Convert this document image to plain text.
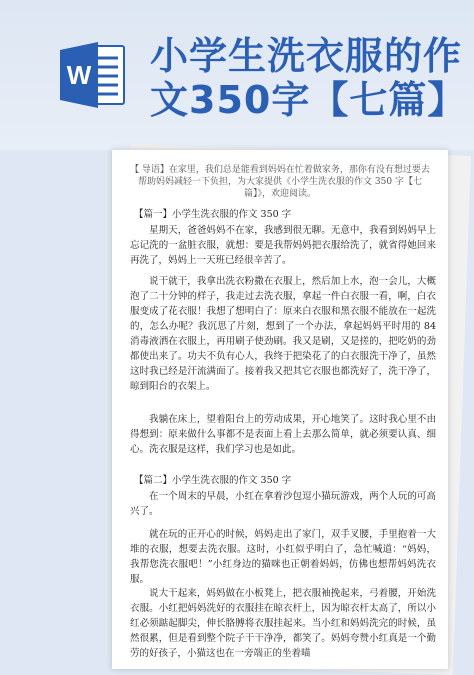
W 小学生洗衣服的作
文350字【七篇】
【 导语】在家里，我们总是能看到妈妈在忙着做家务，那你有没有想过要去帮助妈妈减轻一下负担，为大家提供《小学生洗衣服的作文 350 字【七篇】》，欢迎阅读。
【篇一】小学生洗衣服的作文 350 字
星期天，爸爸妈妈不在家，我感到很无聊。无意中，我看到妈妈早上忘记洗的一盆脏衣服，就想：要是我帮妈妈把衣服给洗了，就省得她回来再洗了，妈妈上一天班已经很辛苦了。
说干就干，我拿出洗衣粉撒在衣服上，然后加上水，泡一会儿，大概泡了二十分钟的样子，我走过去洗衣服，拿起一件白衣服一看，啊，白衣服变成了花衣服！我想了想明白了：原来白衣服和黑衣服不能放在一起洗的，怎么办呢？我沉思了片刻，想到了一个办法，拿起妈妈平时用的 84 消毒液洒在衣服上，再用刷子使劲刷。我又是刷，又是搓的，把吃奶的劲都使出来了。功夫不负有心人，我终于把染花了的白衣服洗干净了，虽然这时我已经是汗流满面了。接着我又把其它衣服也都洗好了，洗干净了，晾到阳台的衣架上。
我躺在床上，望着阳台上的劳动成果，开心地笑了。这时我心里不由得想到：原来做什么事都不是表面上看上去那么简单，就必须要认真、细心。洗衣服是这样，我们学习也是如此。
【篇二】小学生洗衣服的作文 350 字
在一个周末的早晨，小红在拿着沙包逗小猫玩游戏，两个人玩的可高兴了。
就在玩的正开心的时候，妈妈走出了家门，双手叉腰，手里抱着一大堆的衣服，想要去洗衣服。这时，小红似乎明白了，急忙喊道：“妈妈，我帮您洗衣服吧！”小红身边的猫咪也正朝着妈妈，仿佛也想帮妈妈洗衣服。
说大干起来，妈妈做在小板凳上，把衣服袖挽起来，弓着腰，开始洗衣服。小红把妈妈洗好的衣服挂在晾衣杆上，因为晾衣杆太高了，所以小红必须踮起脚尖，伸长胳膊将衣服挂起来。当小红和妈妈洗完的时候，虽然很累，但是看到整个院子干干净净，都笑了。妈妈夸赞小红真是一个勤劳的好孩子，小猫这也在一旁端正的坐着喵
